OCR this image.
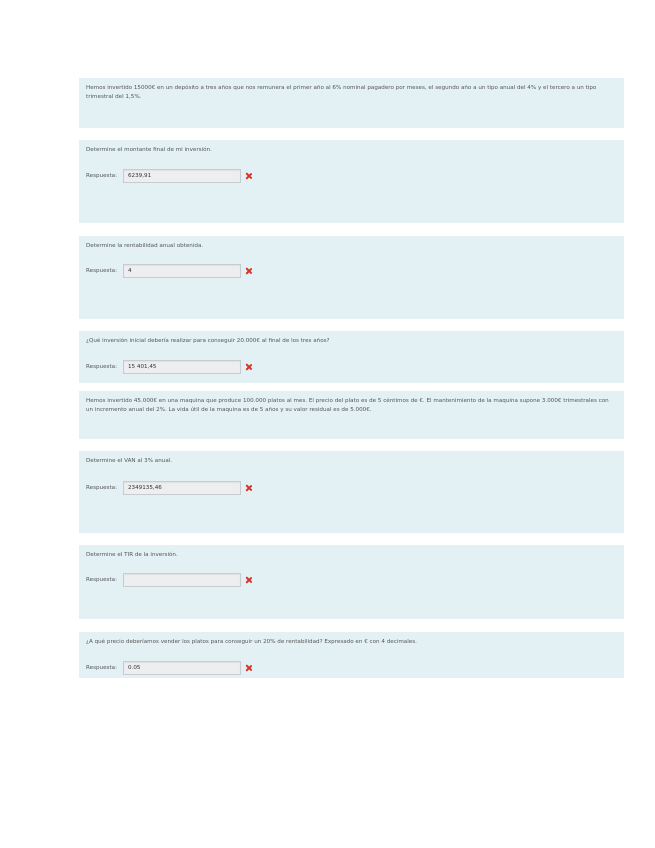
Hemos invertido 15000€ en un depósito a tres años que nos remunera el primer año al 6% nominal pagadero por meses, el segundo año a un tipo anual del 4% y el tercero a un tipo trimestral del 1,5%.

Determine el montante final de mi inversión.

Respuesta:	6239,91

Determine la rentabilidad anual obtenida.

Respuesta:	4

¿Qué inversión inicial debería realizar para conseguir 20.000€ al final de los tres años?

Respuesta:	15 401,45

Hemos invertido 45.000€ en una maquina que produce 100.000 platos al mes. El precio del plato es de 5 céntimos de €. El mantenimiento de la maquina supone 3.000€ trimestrales con un incremento anual del 2%. La vida útil de la maquina es de 5 años y su valor residual es de 5.000€.

Determine el VAN al 3% anual.

Respuesta:	2349135,46

Determine el TIR de la inversión.

Respuesta:

¿A qué precio deberíamos vender los platos para conseguir un 20% de rentabilidad? Expresado en € con 4 decimales.

Respuesta:	0.05
